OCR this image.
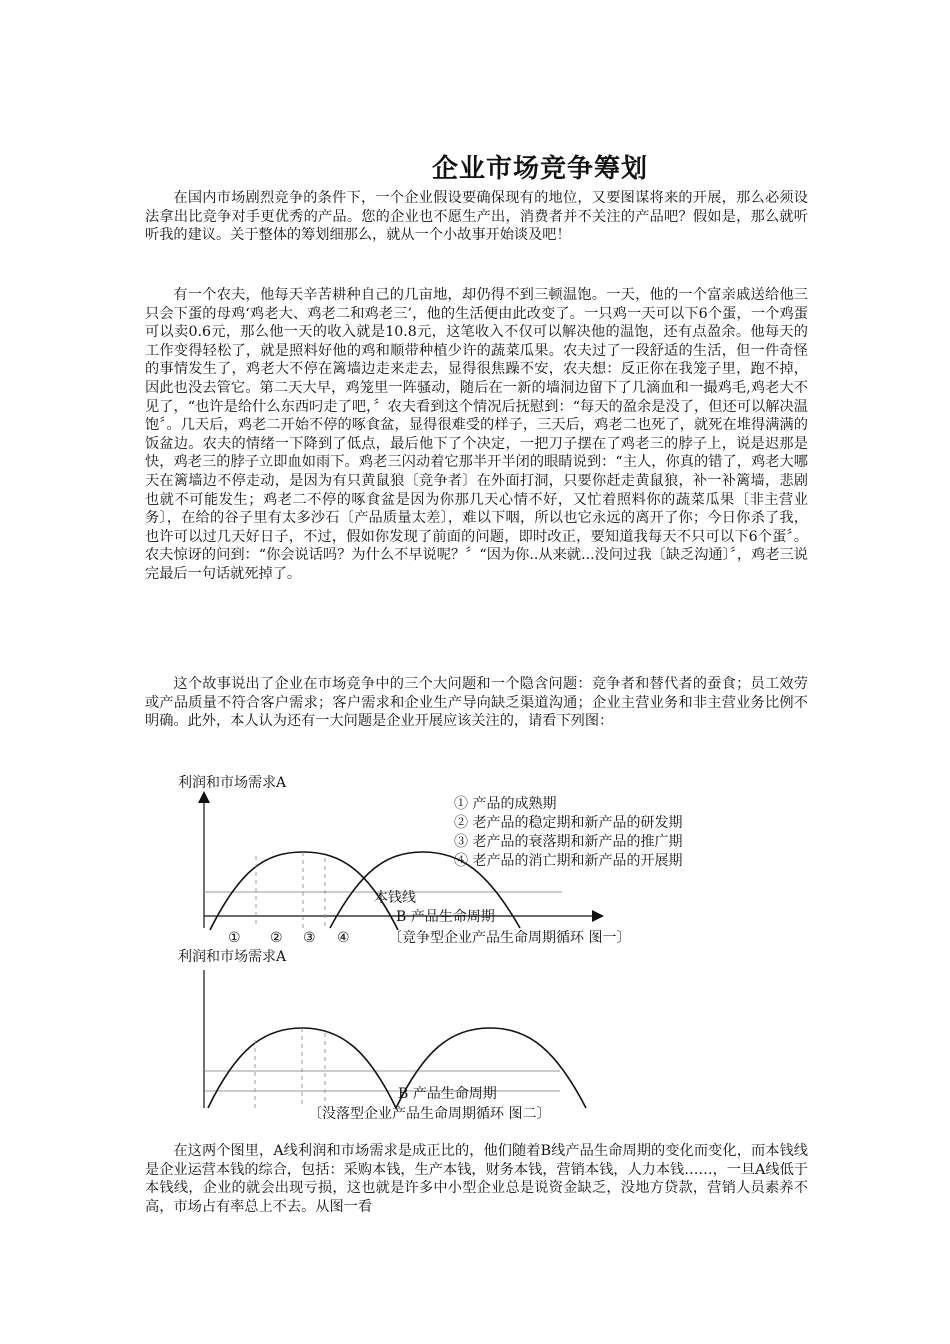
企业市场竞争筹划

在国内市场剧烈竞争的条件下，一个企业假设要确保现有的地位，又要图谋将来的开展，那么必须设法拿出比竞争对手更优秀的产品。您的企业也不愿生产出，消费者并不关注的产品吧？假如是，那么就听听我的建议。关于整体的筹划细那么，就从一个小故事开始谈及吧！

有一个农夫，他每天辛苦耕种自己的几亩地，却仍得不到三顿温饱。一天，他的一个富亲戚送给他三只会下蛋的母鸡‘鸡老大、鸡老二和鸡老三’，他的生活便由此改变了。一只鸡一天可以下6个蛋，一个鸡蛋可以卖0.6元，那么他一天的收入就是10.8元，这笔收入不仅可以解决他的温饱，还有点盈余。他每天的工作变得轻松了，就是照料好他的鸡和顺带种植少许的蔬菜瓜果。农夫过了一段舒适的生活，但一件奇怪的事情发生了，鸡老大不停在篱墙边走来走去，显得很焦躁不安，农夫想：反正你在我笼子里，跑不掉，因此也没去管它。第二天大早，鸡笼里一阵骚动，随后在一新的墙洞边留下了几滴血和一撮鸡毛,鸡老大不见了，“也许是给什么东西叼走了吧，〞农夫看到这个情况后抚慰到：“每天的盈余是没了，但还可以解决温饱〞。几天后，鸡老二开始不停的啄食盆，显得很难受的样子，三天后，鸡老二也死了，就死在堆得满满的饭盆边。农夫的情绪一下降到了低点，最后他下了个决定，一把刀子摆在了鸡老三的脖子上，说是迟那是快，鸡老三的脖子立即血如雨下。鸡老三闪动着它那半开半闭的眼睛说到：“主人，你真的错了，鸡老大哪天在篱墙边不停走动，是因为有只黄鼠狼〔竞争者〕在外面打洞，只要你赶走黄鼠狼，补一补篱墙，悲剧也就不可能发生；鸡老二不停的啄食盆是因为你那几天心情不好，又忙着照料你的蔬菜瓜果〔非主营业务〕，在给的谷子里有太多沙石〔产品质量太差〕，难以下咽，所以也它永远的离开了你；今日你杀了我，也许可以过几天好日子，不过，假如你发现了前面的问题，即时改正，要知道我每天不只可以下6个蛋〞。农夫惊讶的问到：“你会说话吗？为什么不早说呢？〞“因为你..从来就...没问过我〔缺乏沟通〕〞，鸡老三说完最后一句话就死掉了。

这个故事说出了企业在市场竞争中的三个大问题和一个隐含问题：竞争者和替代者的蚕食；员工效劳或产品质量不符合客户需求；客户需求和企业生产导向缺乏渠道沟通；企业主营业务和非主营业务比例不明确。此外，本人认为还有一大问题是企业开展应该关注的，请看下列图：

在这两个图里，A线利润和市场需求是成正比的，他们随着B线产品生命周期的变化而变化，而本钱线是企业运营本钱的综合，包括：采购本钱，生产本钱，财务本钱，营销本钱，人力本钱……，一旦A线低于本钱线，企业的就会出现亏损，这也就是许多中小型企业总是说资金缺乏，没地方贷款，营销人员素养不高，市场占有率总上不去。从图一看

利润和市场需求A
① 产品的成熟期
② 老产品的稳定期和新产品的研发期
③ 老产品的衰落期和新产品的推广期
④ 老产品的消亡期和新产品的开展期
本钱线
B 产品生命周期
① ② ③ ④	〔竞争型企业产品生命周期循环 图一〕
利润和市场需求A
B 产品生命周期
〔没落型企业产品生命周期循环 图二〕
